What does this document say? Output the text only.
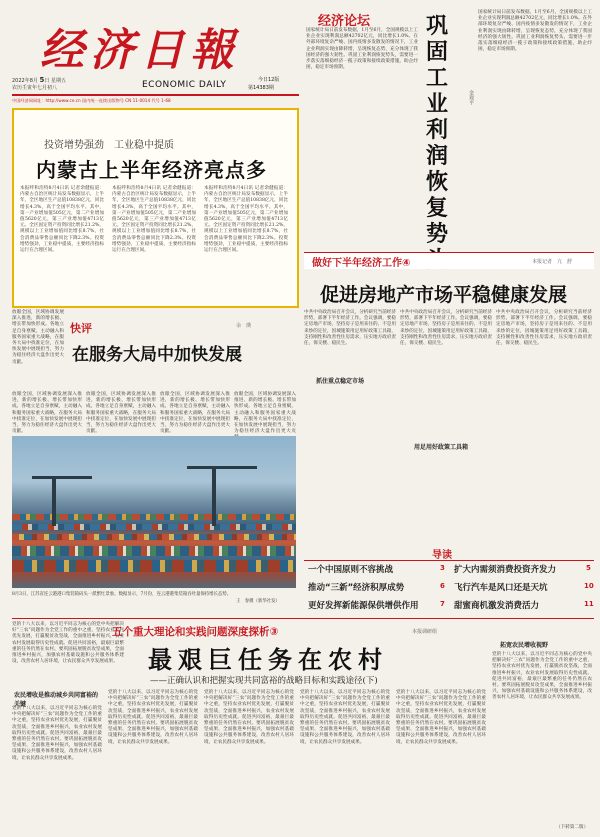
经济日報
2022年8月 5日 星期五
农历壬寅年七月初八	ECONOMIC DAILY	今日12版
第14383期
中国经济网网址：http://www.ce.cn 国内统一连续出版物号 CN 11-0014 代号 1-68
投资增势强劲　工业稳中提质
内蒙古上半年经济亮点多
本报呼和浩特8月4日讯 记者余健报道：内蒙古自治区统计局发布数据显示，上半年，全区地区生产总值10838亿元，同比增长4.3%，高于全国平均水平。其中，第一产业增加值505亿元，第二产业增加值5620亿元，第三产业增加值4713亿元。全区固定资产投资同比增长21.2%，规模以上工业增加值同比增长8.7%，社会消费品零售总额同比下降2.3%。投资增势强劲，工业稳中提质，主要经济指标运行在合理区间。
本报呼和浩特8月4日讯 记者余健报道：内蒙古自治区统计局发布数据显示，上半年，全区地区生产总值10838亿元，同比增长4.3%，高于全国平均水平。其中，第一产业增加值505亿元，第二产业增加值5620亿元，第三产业增加值4713亿元。全区固定资产投资同比增长21.2%，规模以上工业增加值同比增长8.7%，社会消费品零售总额同比下降2.3%。投资增势强劲，工业稳中提质，主要经济指标运行在合理区间。
本报呼和浩特8月4日讯 记者余健报道：内蒙古自治区统计局发布数据显示，上半年，全区地区生产总值10838亿元，同比增长4.3%，高于全国平均水平。其中，第一产业增加值505亿元，第二产业增加值5620亿元，第三产业增加值4713亿元。全区固定资产投资同比增长21.2%，规模以上工业增加值同比增长8.7%，社会消费品零售总额同比下降2.3%。投资增势强劲，工业稳中提质，主要经济指标运行在合理区间。
经济论坛
国家统计局日前发布数据，1月至6月，全国规模以上工业企业实现利润总额42702亿元，同比增长1.0%。在外部环境复杂严峻、国内疫情多发散发的情况下，工业企业利润实现由降转增，呈现恢复态势，充分体现了我国经济的强大韧性。巩固工业利润恢复势头，需要进一步落实落细稳经济一揽子政策和接续政策措施，助企纾困，稳定市场预期。
巩固工业利润恢复势
金观平
国家统计局日前发布数据，1月至6月，全国规模以上工业企业实现利润总额42702亿元，同比增长1.0%。在外部环境复杂严峻、国内疫情多发散发的情况下，工业企业利润实现由降转增，呈现恢复态势，充分体现了我国经济的强大韧性。巩固工业利润恢复势头，需要进一步落实落细稳经济一揽子政策和接续政策措施，助企纾困，稳定市场预期。
做好下半年经济工作④	本报记者　亢　舒
促进房地产市场平稳健康发展
中共中央政治局召开会议，分析研究当前经济形势，部署下半年经济工作。会议强调，要稳定房地产市场，坚持房子是用来住的、不是用来炒的定位，因城施策用足用好政策工具箱，支持刚性和改善性住房需求，压实地方政府责任，保交楼、稳民生。
抓住重点稳定市场
中共中央政治局召开会议，分析研究当前经济形势，部署下半年经济工作。会议强调，要稳定房地产市场，坚持房子是用来住的、不是用来炒的定位，因城施策用足用好政策工具箱，支持刚性和改善性住房需求，压实地方政府责任，保交楼、稳民生。
用足用好政策工具箱
中共中央政治局召开会议，分析研究当前经济形势，部署下半年经济工作。会议强调，要稳定房地产市场，坚持房子是用来住的、不是用来炒的定位，因城施策用足用好政策工具箱，支持刚性和改善性住房需求，压实地方政府责任，保交楼、稳民生。
放眼全国，区域协调发展深入推进，新的增长极、增长带加快形成。各地立足自身禀赋，主动融入和服务国家重大战略，在服务大局中找准定位，在加快发展中展现担当，努力为稳住经济大盘作出更大贡献。
快评	余　瑛
在服务大局中加快发展
放眼全国，区域协调发展深入推进，新的增长极、增长带加快形成。各地立足自身禀赋，主动融入和服务国家重大战略，在服务大局中找准定位，在加快发展中展现担当，努力为稳住经济大盘作出更大贡献。
放眼全国，区域协调发展深入推进，新的增长极、增长带加快形成。各地立足自身禀赋，主动融入和服务国家重大战略，在服务大局中找准定位，在加快发展中展现担当，努力为稳住经济大盘作出更大贡献。
放眼全国，区域协调发展深入推进，新的增长极、增长带加快形成。各地立足自身禀赋，主动融入和服务国家重大战略，在服务大局中找准定位，在加快发展中展现担当，努力为稳住经济大盘作出更大贡献。
放眼全国，区域协调发展深入推进，新的增长极、增长带加快形成。各地立足自身禀赋，主动融入和服务国家重大战略，在服务大局中找准定位，在加快发展中展现担当，努力为稳住经济大盘作出更大贡
8月3日，江苏省连云港港口集装箱码头一派繁忙景象。数据显示，7月份，连云港港集装箱吞吐量保持增长态势。
王　春摄（新华社发）
导读
一个中国原则不容挑战	3 扩大内需须消费投资齐发力	5
推动“三新”经济积厚成势	6 飞行汽车是风口还是天坑	10
更好发挥新能源保供增供作用	7 甜蜜商机激发消费活力	11
党的十八大以来，以习近平同志为核心的党中央把解决好“三农”问题作为全党工作的重中之重，坚持农业农村优先发展，打赢脱贫攻坚战，全面推进乡村振兴，农业农村发展取得历史性成就。促进共同富裕，最艰巨最繁重的任务仍然在农村。要巩固拓展脱贫攻坚成果，全面推进乡村振兴，加强农村基础设施和公共服务体系建设，改善农村人居环境，让农民群众共享发展成果。
五个重大理论和实践问题深度探析③	本报调研组
最艰巨任务在农村
——正确认识和把握实现共同富裕的战略目标和实践途径(下)
农民增收是推动城乡共同富裕的关键
拓宽农民增收视野
党的十八大以来，以习近平同志为核心的党中央把解决好“三农”问题作为全党工作的重中之重，坚持农业农村优先发展，打赢脱贫攻坚战，全面推进乡村振兴，农业农村发展取得历史性成就。促进共同富裕，最艰巨最繁重的任务仍然在农村。要巩固拓展脱贫攻坚成果，全面推进乡村振兴，加强农村基础设施和公共服务体系建设，改善农村人居环境，让农民群众共享发展成果。
党的十八大以来，以习近平同志为核心的党中央把解决好“三农”问题作为全党工作的重中之重，坚持农业农村优先发展，打赢脱贫攻坚战，全面推进乡村振兴，农业农村发展取得历史性成就。促进共同富裕，最艰巨最繁重的任务仍然在农村。要巩固拓展脱贫攻坚成果，全面推进乡村振兴，加强农村基础设施和公共服务体系建设，改善农村人居环境，让农民群众共享发展成果。
党的十八大以来，以习近平同志为核心的党中央把解决好“三农”问题作为全党工作的重中之重，坚持农业农村优先发展，打赢脱贫攻坚战，全面推进乡村振兴，农业农村发展取得历史性成就。促进共同富裕，最艰巨最繁重的任务仍然在农村。要巩固拓展脱贫攻坚成果，全面推进乡村振兴，加强农村基础设施和公共服务体系建设，改善农村人居环境，让农民群众共享发展成果。
党的十八大以来，以习近平同志为核心的党中央把解决好“三农”问题作为全党工作的重中之重，坚持农业农村优先发展，打赢脱贫攻坚战，全面推进乡村振兴，农业农村发展取得历史性成就。促进共同富裕，最艰巨最繁重的任务仍然在农村。要巩固拓展脱贫攻坚成果，全面推进乡村振兴，加强农村基础设施和公共服务体系建设，改善农村人居环境，让农民群众共享发展成果。
党的十八大以来，以习近平同志为核心的党中央把解决好“三农”问题作为全党工作的重中之重，坚持农业农村优先发展，打赢脱贫攻坚战，全面推进乡村振兴，农业农村发展取得历史性成就。促进共同富裕，最艰巨最繁重的任务仍然在农村。要巩固拓展脱贫攻坚成果，全面推进乡村振兴，加强农村基础设施和公共服务体系建设，改善农村人居环境，让农民群众共享发展成果。
党的十八大以来，以习近平同志为核心的党中央把解决好“三农”问题作为全党工作的重中之重，坚持农业农村优先发展，打赢脱贫攻坚战，全面推进乡村振兴，农业农村发展取得历史性成就。促进共同富裕，最艰巨最繁重的任务仍然在农村。要巩固拓展脱贫攻坚成果，全面推进乡村振兴，加强农村基础设施和公共服务体系建设，改善农村人居环境，让农民群众共享发展成果。
（下转第二版）
